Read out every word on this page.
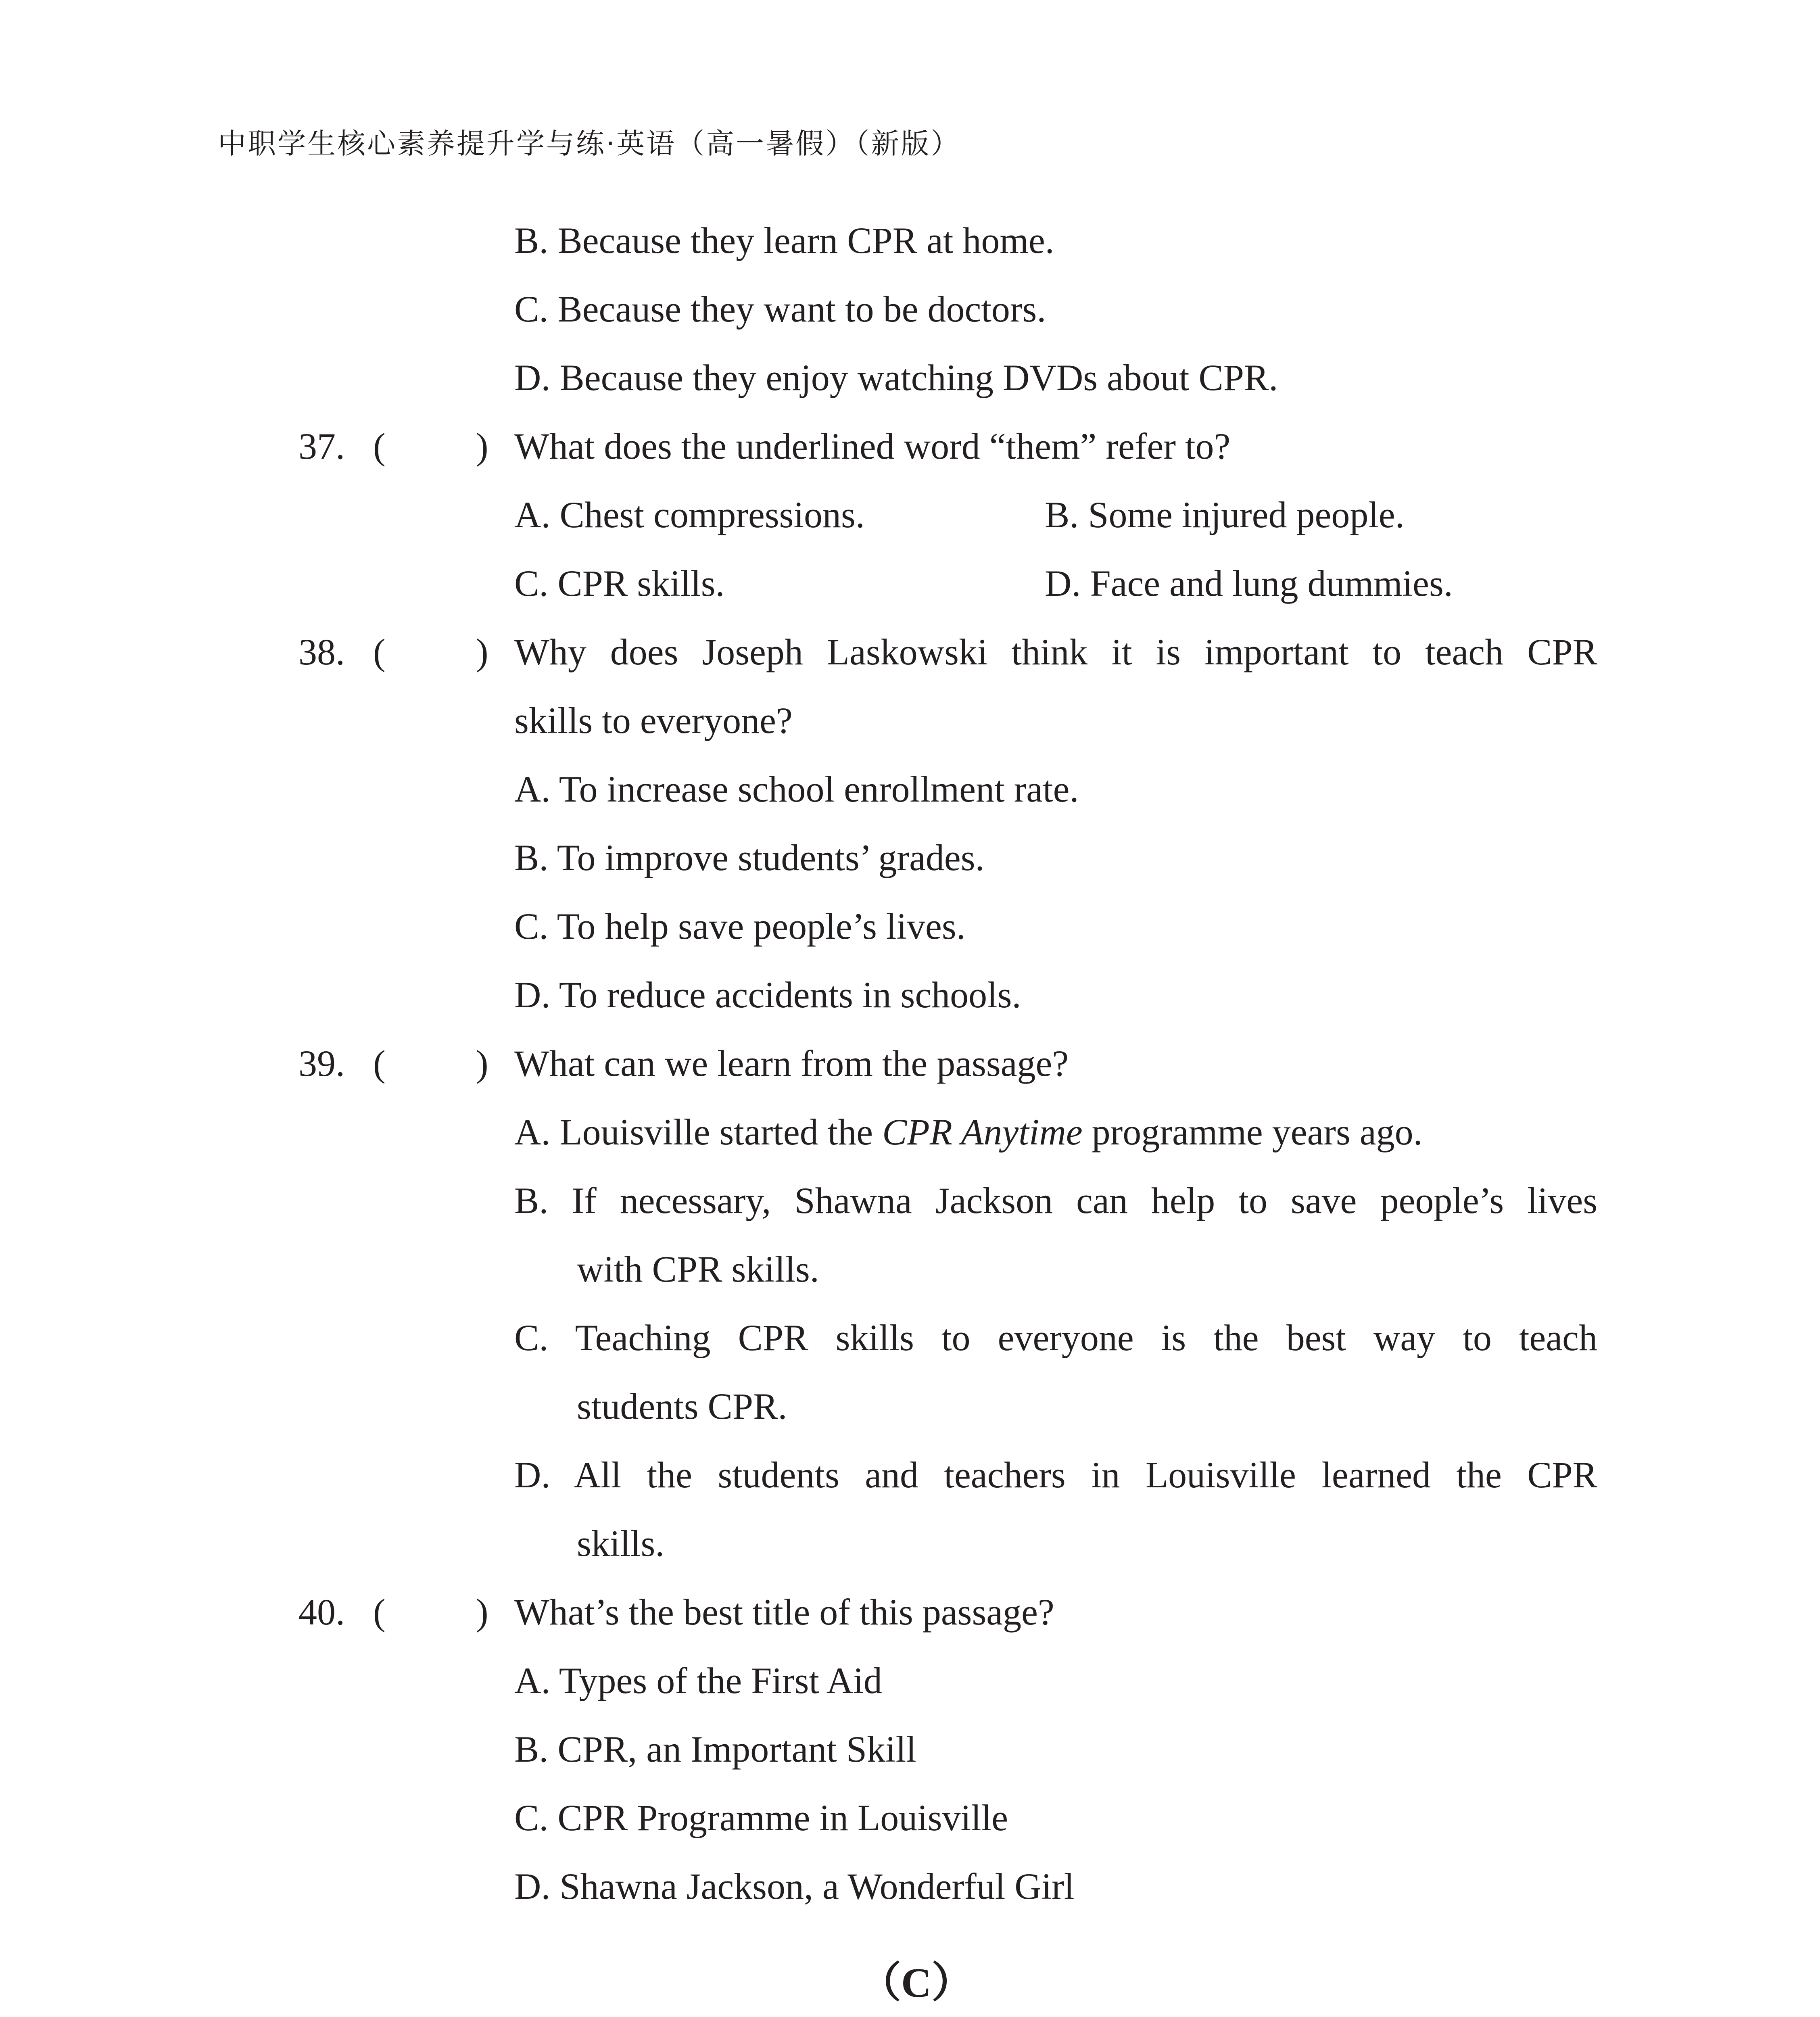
中职学生核心素养提升学与练·英语（高一暑假）（新版）
B. Because they learn CPR at home.
C. Because they want to be doctors.
D. Because they enjoy watching DVDs about CPR.
37. ( ) What does the underlined word “them” refer to?
A. Chest compressions.	B. Some injured people.
C. CPR skills.	D. Face and lung dummies.
38. ( ) Why does Joseph Laskowski think it is important to teach CPR
skills to everyone?
A. To increase school enrollment rate.
B. To improve students’ grades.
C. To help save people’s lives.
D. To reduce accidents in schools.
39. ( ) What can we learn from the passage?
A. Louisville started the CPR Anytime programme years ago.
B. If necessary, Shawna Jackson can help to save people’s lives
with CPR skills.
C. Teaching CPR skills to everyone is the best way to teach
students CPR.
D. All the students and teachers in Louisville learned the CPR
skills.
40. ( ) What’s the best title of this passage?
A. Types of the First Aid
B. CPR, an Important Skill
C. CPR Programme in Louisville
D. Shawna Jackson, a Wonderful Girl
（C）
